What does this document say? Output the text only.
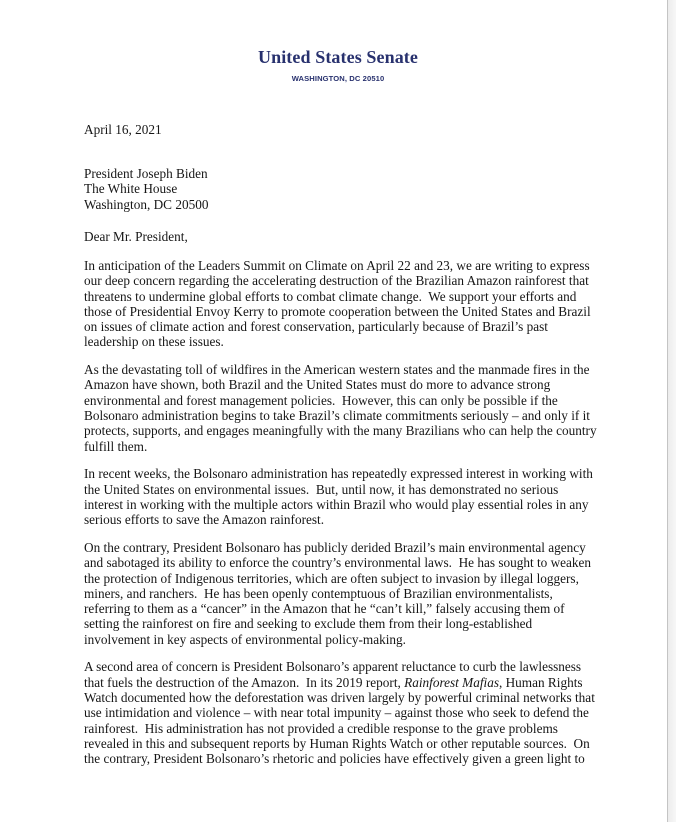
United States Senate
WASHINGTON, DC 20510
April 16, 2021
President Joseph Biden
The White House
Washington, DC 20500
Dear Mr. President,
In anticipation of the Leaders Summit on Climate on April 22 and 23, we are writing to express
our deep concern regarding the accelerating destruction of the Brazilian Amazon rainforest that
threatens to undermine global efforts to combat climate change.  We support your efforts and
those of Presidential Envoy Kerry to promote cooperation between the United States and Brazil
on issues of climate action and forest conservation, particularly because of Brazil’s past
leadership on these issues.
As the devastating toll of wildfires in the American western states and the manmade fires in the
Amazon have shown, both Brazil and the United States must do more to advance strong
environmental and forest management policies.  However, this can only be possible if the
Bolsonaro administration begins to take Brazil’s climate commitments seriously – and only if it
protects, supports, and engages meaningfully with the many Brazilians who can help the country
fulfill them.
In recent weeks, the Bolsonaro administration has repeatedly expressed interest in working with
the United States on environmental issues.  But, until now, it has demonstrated no serious
interest in working with the multiple actors within Brazil who would play essential roles in any
serious efforts to save the Amazon rainforest.
On the contrary, President Bolsonaro has publicly derided Brazil’s main environmental agency
and sabotaged its ability to enforce the country’s environmental laws.  He has sought to weaken
the protection of Indigenous territories, which are often subject to invasion by illegal loggers,
miners, and ranchers.  He has been openly contemptuous of Brazilian environmentalists,
referring to them as a “cancer” in the Amazon that he “can’t kill,” falsely accusing them of
setting the rainforest on fire and seeking to exclude them from their long-established
involvement in key aspects of environmental policy-making.
A second area of concern is President Bolsonaro’s apparent reluctance to curb the lawlessness
that fuels the destruction of the Amazon.  In its 2019 report, Rainforest Mafias, Human Rights
Watch documented how the deforestation was driven largely by powerful criminal networks that
use intimidation and violence – with near total impunity – against those who seek to defend the
rainforest.  His administration has not provided a credible response to the grave problems
revealed in this and subsequent reports by Human Rights Watch or other reputable sources.  On
the contrary, President Bolsonaro’s rhetoric and policies have effectively given a green light to
